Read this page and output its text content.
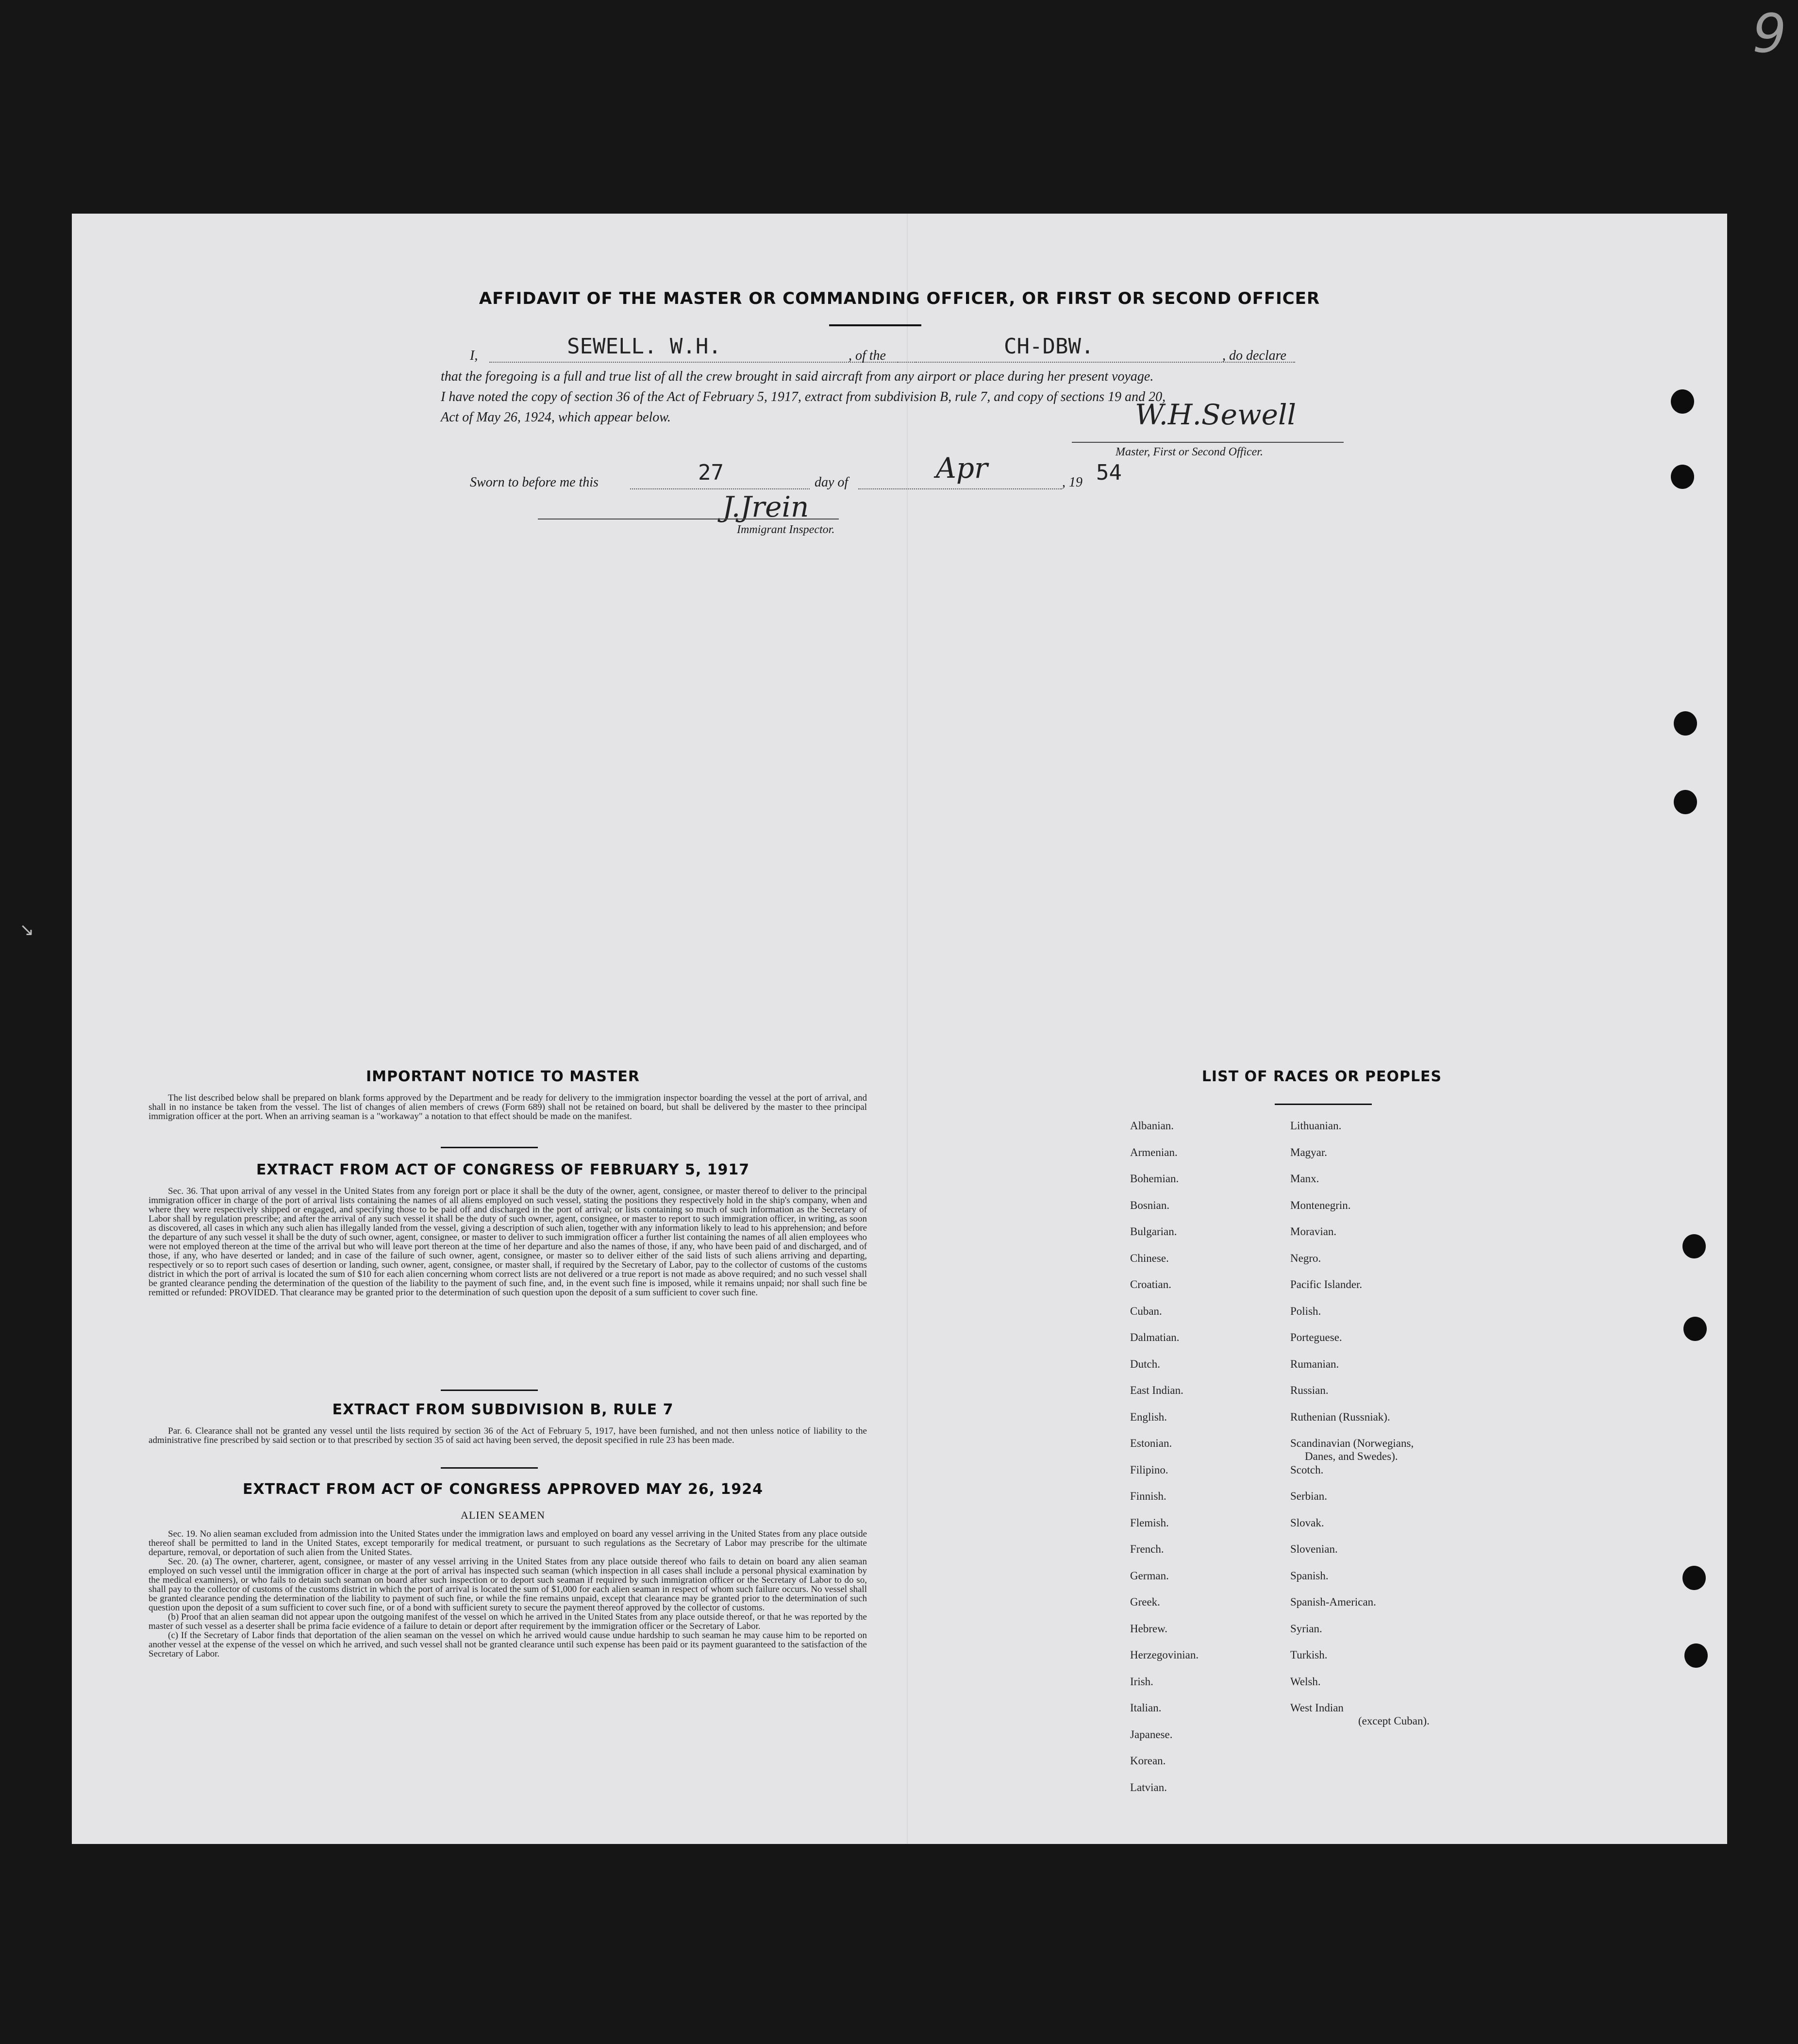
9
↘
AFFIDAVIT OF THE MASTER OR COMMANDING OFFICER, OR FIRST OR SECOND OFFICER
I,	SEWELL. W.H.	, of the	CH-DBW.	, do declare
that the foregoing is a full and true list of all the crew brought in said aircraft from any airport or place during her present voyage.
I have noted the copy of section 36 of the Act of February 5, 1917, extract from subdivision B, rule 7, and copy of sections 19 and 20,
Act of May 26, 1924, which appear below.	W.H.Sewell
Master, First or Second Officer.
Sworn to before me this	27	day of	Apr	, 19 54
J.Jrein
Immigrant Inspector.
IMPORTANT NOTICE TO MASTER

The list described below shall be prepared on blank forms approved by the Department and be ready for delivery to the immigration inspector boarding the vessel at the port of arrival, and shall in no instance be taken from the vessel. The list of changes of alien members of crews (Form 689) shall not be retained on board, but shall be delivered by the master to thee principal immigration officer at the port. When an arriving seaman is a "workaway" a notation to that effect should be made on the manifest.

EXTRACT FROM ACT OF CONGRESS OF FEBRUARY 5, 1917

Sec. 36. That upon arrival of any vessel in the United States from any foreign port or place it shall be the duty of the owner, agent, consignee, or master thereof to deliver to the principal immigration officer in charge of the port of arrival lists containing the names of all aliens employed on such vessel, stating the positions they respectively hold in the ship's company, when and where they were respectively shipped or engaged, and specifying those to be paid off and discharged in the port of arrival; or lists containing so much of such information as the Secretary of Labor shall by regulation prescribe; and after the arrival of any such vessel it shall be the duty of such owner, agent, consignee, or master to report to such immigration officer, in writing, as soon as discovered, all cases in which any such alien has illegally landed from the vessel, giving a description of such alien, together with any information likely to lead to his apprehension; and before the departure of any such vessel it shall be the duty of such owner, agent, consignee, or master to deliver to such immigration officer a further list containing the names of all alien employees who were not employed thereon at the time of the arrival but who will leave port thereon at the time of her departure and also the names of those, if any, who have been paid of and discharged, and of those, if any, who have deserted or landed; and in case of the failure of such owner, agent, consignee, or master so to deliver either of the said lists of such aliens arriving and departing, respectively or so to report such cases of desertion or landing, such owner, agent, consignee, or master shall, if required by the Secretary of Labor, pay to the collector of customs of the customs district in which the port of arrival is located the sum of $10 for each alien concerning whom correct lists are not delivered or a true report is not made as above required; and no such vessel shall be granted clearance pending the determination of the question of the liability to the payment of such fine, and, in the event such fine is imposed, while it remains unpaid; nor shall such fine be remitted or refunded: PROVIDED. That clearance may be granted prior to the determination of such question upon the deposit of a sum sufficient to cover such fine.

EXTRACT FROM SUBDIVISION B, RULE 7

Par. 6. Clearance shall not be granted any vessel until the lists required by section 36 of the Act of February 5, 1917, have been furnished, and not then unless notice of liability to the administrative fine prescribed by said section or to that prescribed by section 35 of said act having been served, the deposit specified in rule 23 has been made.

EXTRACT FROM ACT OF CONGRESS APPROVED MAY 26, 1924
ALIEN SEAMEN

Sec. 19. No alien seaman excluded from admission into the United States under the immigration laws and employed on board any vessel arriving in the United States from any place outside thereof shall be permitted to land in the United States, except temporarily for medical treatment, or pursuant to such regulations as the Secretary of Labor may prescribe for the ultimate departure, removal, or deportation of such alien from the United States.

Sec. 20. (a) The owner, charterer, agent, consignee, or master of any vessel arriving in the United States from any place outside thereof who fails to detain on board any alien seaman employed on such vessel until the immigration officer in charge at the port of arrival has inspected such seaman (which inspection in all cases shall include a personal physical examination by the medical examiners), or who fails to detain such seaman on board after such inspection or to deport such seaman if required by such immigration officer or the Secretary of Labor to do so, shall pay to the collector of customs of the customs district in which the port of arrival is located the sum of $1,000 for each alien seaman in respect of whom such failure occurs. No vessel shall be granted clearance pending the determination of the liability to payment of such fine, or while the fine remains unpaid, except that clearance may be granted prior to the determination of such question upon the deposit of a sum sufficient to cover such fine, or of a bond with sufficient surety to secure the payment thereof approved by the collector of customs.

(b) Proof that an alien seaman did not appear upon the outgoing manifest of the vessel on which he arrived in the United States from any place outside thereof, or that he was reported by the master of such vessel as a deserter shall be prima facie evidence of a failure to detain or deport after requirement by the immigration officer or the Secretary of Labor.

(c) If the Secretary of Labor finds that deportation of the alien seaman on the vessel on which he arrived would cause undue hardship to such seaman he may cause him to be reported on another vessel at the expense of the vessel on which he arrived, and such vessel shall not be granted clearance until such expense has been paid or its payment guaranteed to the satisfaction of the Secretary of Labor.

LIST OF RACES OR PEOPLES
Albanian.
Armenian.
Bohemian.
Bosnian.
Bulgarian.
Chinese.
Croatian.
Cuban.
Dalmatian.
Dutch.
East Indian.
English.
Estonian.
Filipino.
Finnish.
Flemish.
French.
German.
Greek.
Hebrew.
Herzegovinian.
Irish.
Italian.
Japanese.
Korean.
Latvian.
Lithuanian.
Magyar.
Manx.
Montenegrin.
Moravian.
Negro.
Pacific Islander.
Polish.
Porteguese.
Rumanian.
Russian.
Ruthenian (Russniak).
Scandinavian (Norwegians,
Danes, and Swedes).
Scotch.
Serbian.
Slovak.
Slovenian.
Spanish.
Spanish-American.
Syrian.
Turkish.
Welsh.
West Indian
(except Cuban).
